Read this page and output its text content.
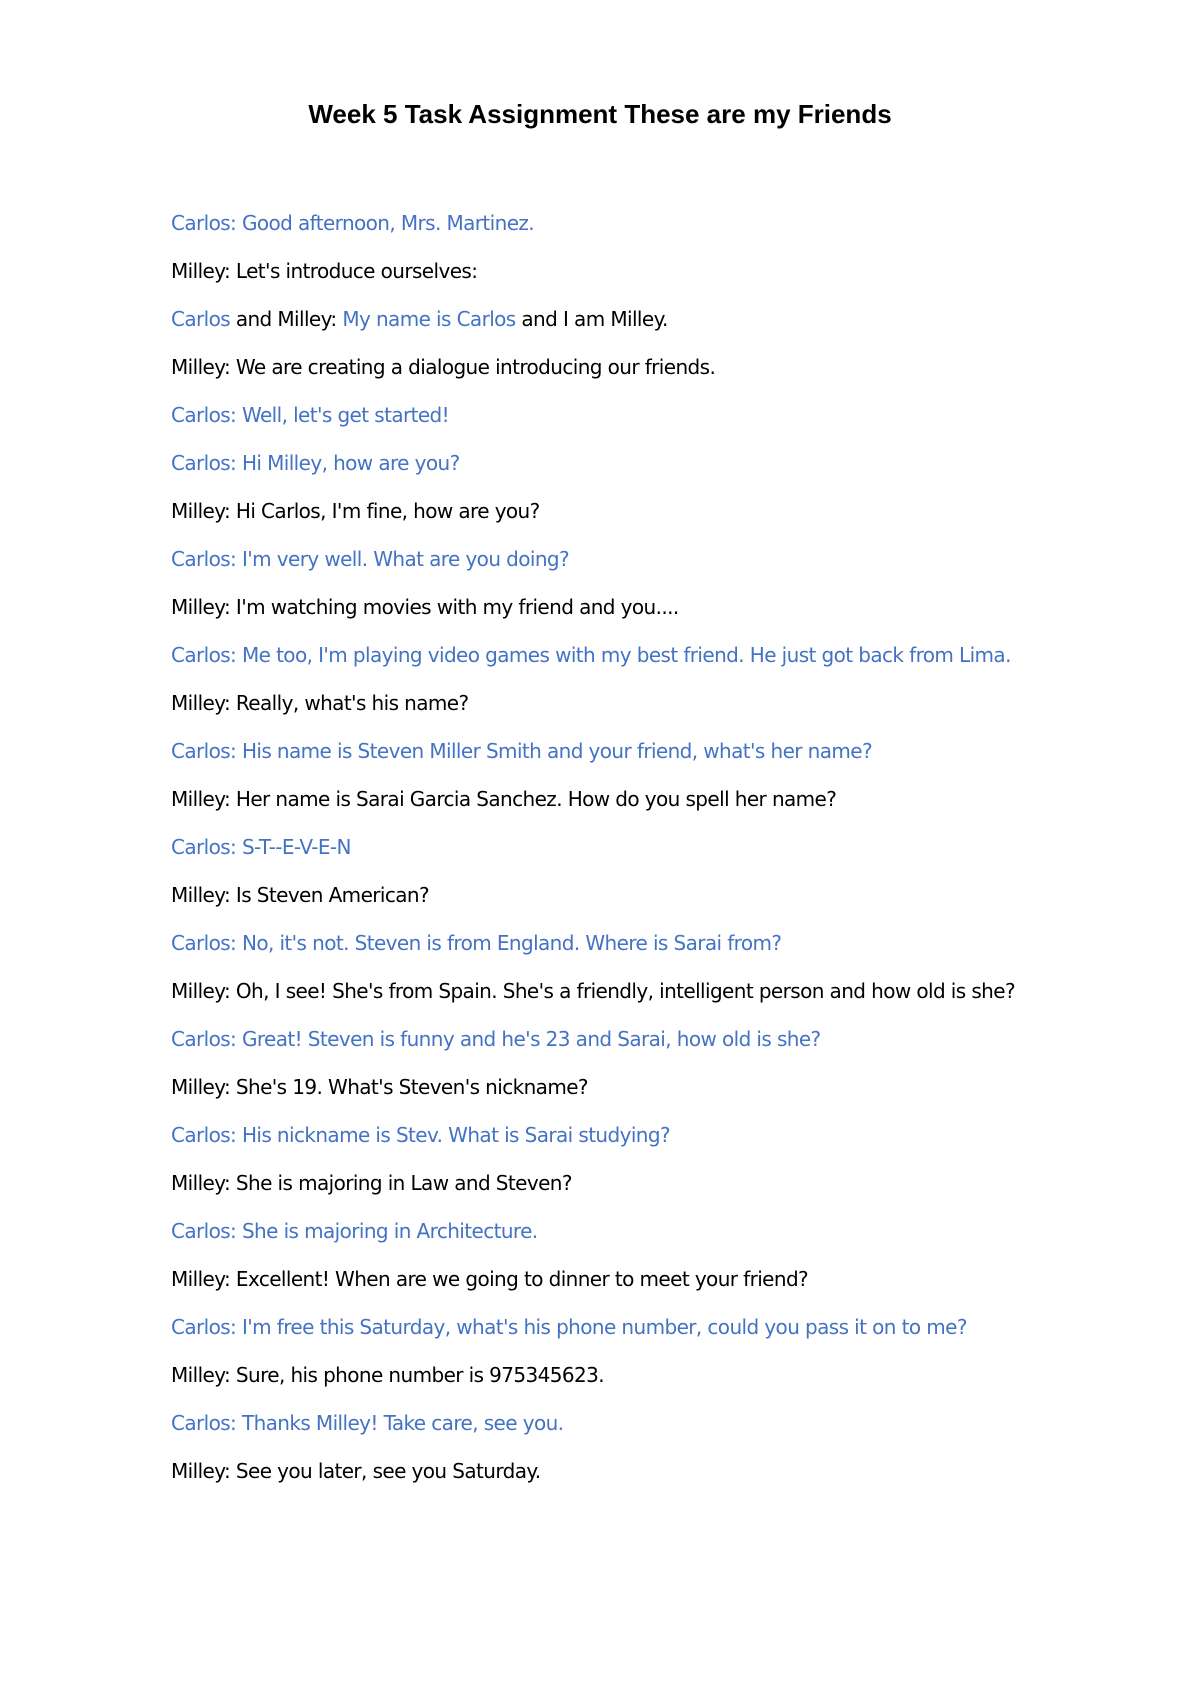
Week 5 Task Assignment These are my Friends

Carlos: Good afternoon, Mrs. Martinez.

Milley: Let's introduce ourselves:

Carlos and Milley: My name is Carlos and I am Milley.

Milley: We are creating a dialogue introducing our friends.

Carlos: Well, let's get started!

Carlos: Hi Milley, how are you?

Milley: Hi Carlos, I'm fine, how are you?

Carlos: I'm very well. What are you doing?

Milley: I'm watching movies with my friend and you....

Carlos: Me too, I'm playing video games with my best friend. He just got back from Lima.

Milley: Really, what's his name?

Carlos: His name is Steven Miller Smith and your friend, what's her name?

Milley: Her name is Sarai Garcia Sanchez. How do you spell her name?

Carlos: S-T--E-V-E-N

Milley: Is Steven American?

Carlos: No, it's not. Steven is from England. Where is Sarai from?

Milley: Oh, I see! She's from Spain. She's a friendly, intelligent person and how old is she?

Carlos: Great! Steven is funny and he's 23 and Sarai, how old is she?

Milley: She's 19. What's Steven's nickname?

Carlos: His nickname is Stev. What is Sarai studying?

Milley: She is majoring in Law and Steven?

Carlos: She is majoring in Architecture.

Milley: Excellent! When are we going to dinner to meet your friend?

Carlos: I'm free this Saturday, what's his phone number, could you pass it on to me?

Milley: Sure, his phone number is 975345623.

Carlos: Thanks Milley! Take care, see you.

Milley: See you later, see you Saturday.
